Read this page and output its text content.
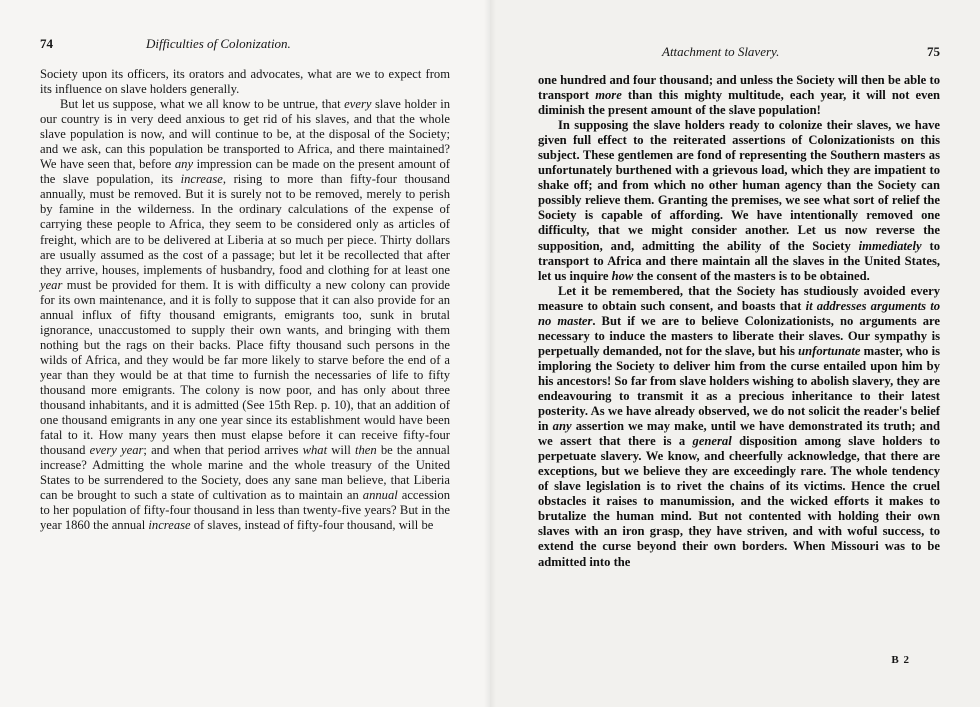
74	Difficulties of Colonization.

Society upon its officers, its orators and advocates, what are we to expect from its influence on slave holders generally.

But let us suppose, what we all know to be untrue, that every slave holder in our country is in very deed anxious to get rid of his slaves, and that the whole slave population is now, and will continue to be, at the disposal of the Society; and we ask, can this population be transported to Africa, and there maintained? We have seen that, before any impression can be made on the present amount of the slave population, its increase, rising to more than fifty-four thousand annually, must be removed. But it is surely not to be removed, merely to perish by famine in the wilderness. In the ordinary calculations of the expense of carrying these people to Africa, they seem to be considered only as articles of freight, which are to be delivered at Liberia at so much per piece. Thirty dollars are usually assumed as the cost of a passage; but let it be recollected that after they arrive, houses, implements of husbandry, food and clothing for at least one year must be provided for them. It is with difficulty a new colony can provide for its own maintenance, and it is folly to suppose that it can also provide for an annual influx of fifty thousand emigrants, emigrants too, sunk in brutal ignorance, unaccustomed to supply their own wants, and bringing with them nothing but the rags on their backs. Place fifty thousand such persons in the wilds of Africa, and they would be far more likely to starve before the end of a year than they would be at that time to furnish the necessaries of life to fifty thousand more emigrants. The colony is now poor, and has only about three thousand inhabitants, and it is admitted (See 15th Rep. p. 10), that an addition of one thousand emigrants in any one year since its establishment would have been fatal to it. How many years then must elapse before it can receive fifty-four thousand every year; and when that period arrives what will then be the annual increase? Admitting the whole marine and the whole treasury of the United States to be surrendered to the Society, does any sane man believe, that Liberia can be brought to such a state of cultivation as to maintain an annual accession to her population of fifty-four thousand in less than twenty-five years? But in the year 1860 the annual increase of slaves, instead of fifty-four thousand, will be

Attachment to Slavery.	75

one hundred and four thousand; and unless the Society will then be able to transport more than this mighty multitude, each year, it will not even diminish the present amount of the slave population!

In supposing the slave holders ready to colonize their slaves, we have given full effect to the reiterated assertions of Colonizationists on this subject. These gentlemen are fond of representing the Southern masters as unfortunately burthened with a grievous load, which they are impatient to shake off; and from which no other human agency than the Society can possibly relieve them. Granting the premises, we see what sort of relief the Society is capable of affording. We have intentionally removed one difficulty, that we might consider another. Let us now reverse the supposition, and, admitting the ability of the Society immediately to transport to Africa and there maintain all the slaves in the United States, let us inquire how the consent of the masters is to be obtained.

Let it be remembered, that the Society has studiously avoided every measure to obtain such consent, and boasts that it addresses arguments to no master. But if we are to believe Colonizationists, no arguments are necessary to induce the masters to liberate their slaves. Our sympathy is perpetually demanded, not for the slave, but his unfortunate master, who is imploring the Society to deliver him from the curse entailed upon him by his ancestors! So far from slave holders wishing to abolish slavery, they are endeavouring to transmit it as a precious inheritance to their latest posterity. As we have already observed, we do not solicit the reader's belief in any assertion we may make, until we have demonstrated its truth; and we assert that there is a general disposition among slave holders to perpetuate slavery. We know, and cheerfully acknowledge, that there are exceptions, but we believe they are exceedingly rare. The whole tendency of slave legislation is to rivet the chains of its victims. Hence the cruel obstacles it raises to manumission, and the wicked efforts it makes to brutalize the human mind. But not contented with holding their own slaves with an iron grasp, they have striven, and with woful success, to extend the curse beyond their own borders. When Missouri was to be admitted into the

B 2
